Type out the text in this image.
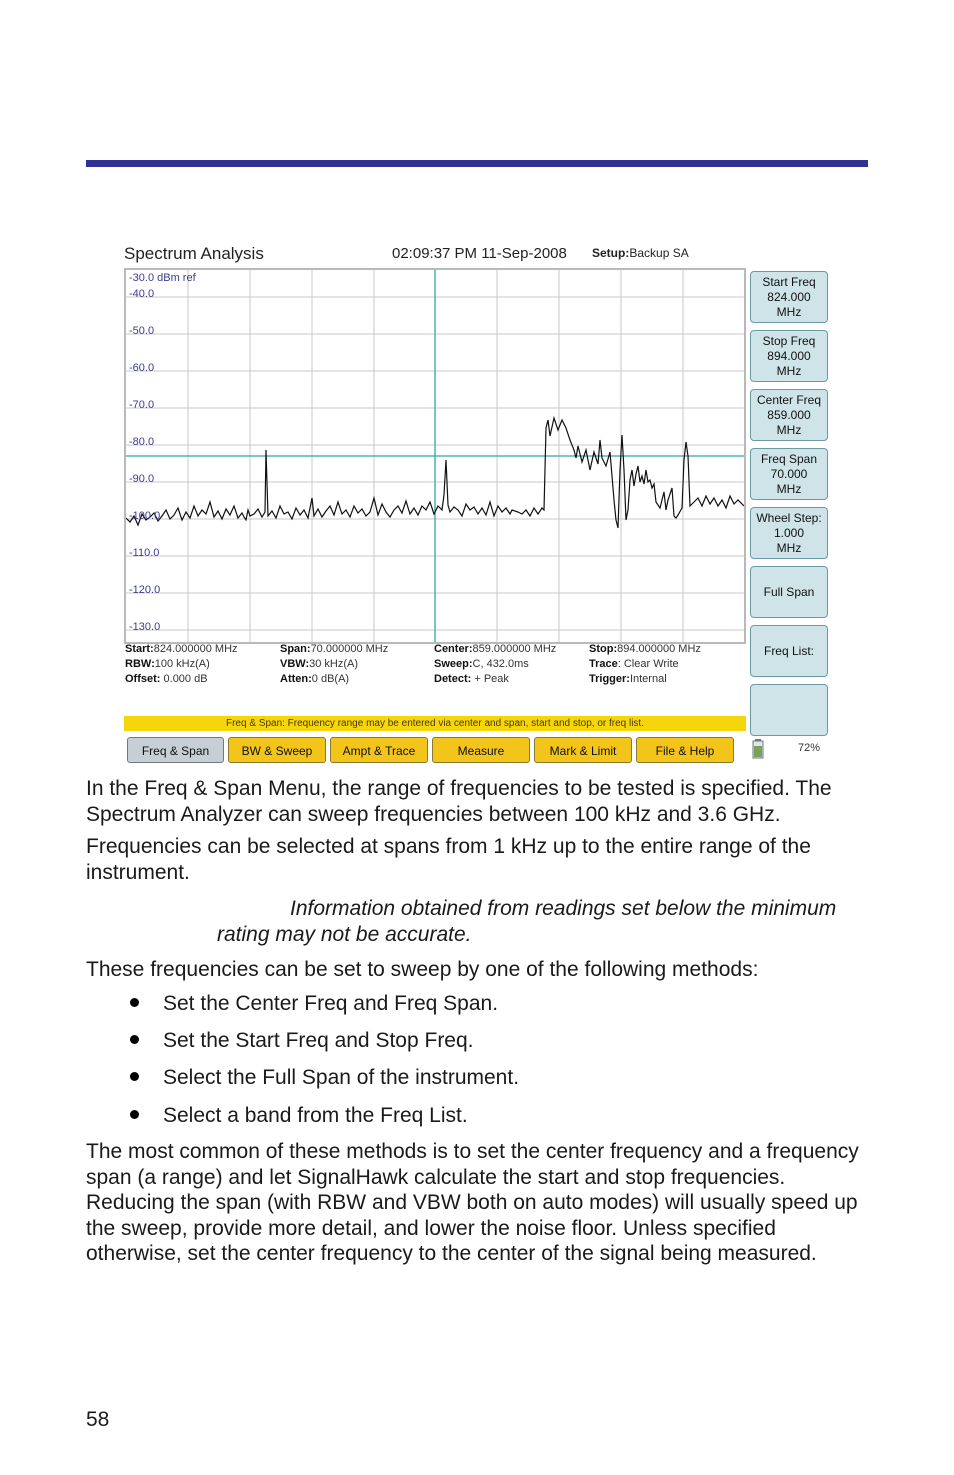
Spectrum Analysis	02:09:37 PM 11-Sep-2008 Setup:Backup SA
-30.0 dBm ref
-40.0
-50.0
-60.0
-70.0
-80.0
-90.0
-100.0
-110.0
-120.0
-130.0
Start:824.000000 MHz	Span:70.000000 MHz	Center:859.000000 MHz	Stop:894.000000 MHz
RBW:100 kHz(A)	VBW:30 kHz(A)	Sweep:C, 432.0ms	Trace: Clear Write
Offset: 0.000 dB	Atten:0 dB(A)	Detect: + Peak	Trigger:Internal
Freq & Span: Frequency range may be entered via center and span, start and stop, or freq list.
Freq & Span	BW & Sweep	Ampt & Trace	Measure	Mark & Limit	File & Help
Start Freq
824.000
MHz
Stop Freq
894.000
MHz
Center Freq
859.000
MHz
Freq Span
70.000
MHz
Wheel Step:
1.000
MHz
Full Span
Freq List:
72%
In the Freq & Span Menu, the range of frequencies to be tested is specified. The Spectrum Analyzer can sweep frequencies between 100 kHz and 3.6 GHz.
Frequencies can be selected at spans from 1 kHz up to the entire range of the instrument.
Information obtained from readings set below the minimum
rating may not be accurate.
These frequencies can be set to sweep by one of the following methods:
Set the Center Freq and Freq Span.
Set the Start Freq and Stop Freq.
Select the Full Span of the instrument.
Select a band from the Freq List.
The most common of these methods is to set the center frequency and a frequency span (a range) and let SignalHawk calculate the start and stop frequencies. Reducing the span (with RBW and VBW both on auto modes) will usually speed up the sweep, provide more detail, and lower the noise floor. Unless specified otherwise, set the center frequency to the center of the signal being measured.
58
